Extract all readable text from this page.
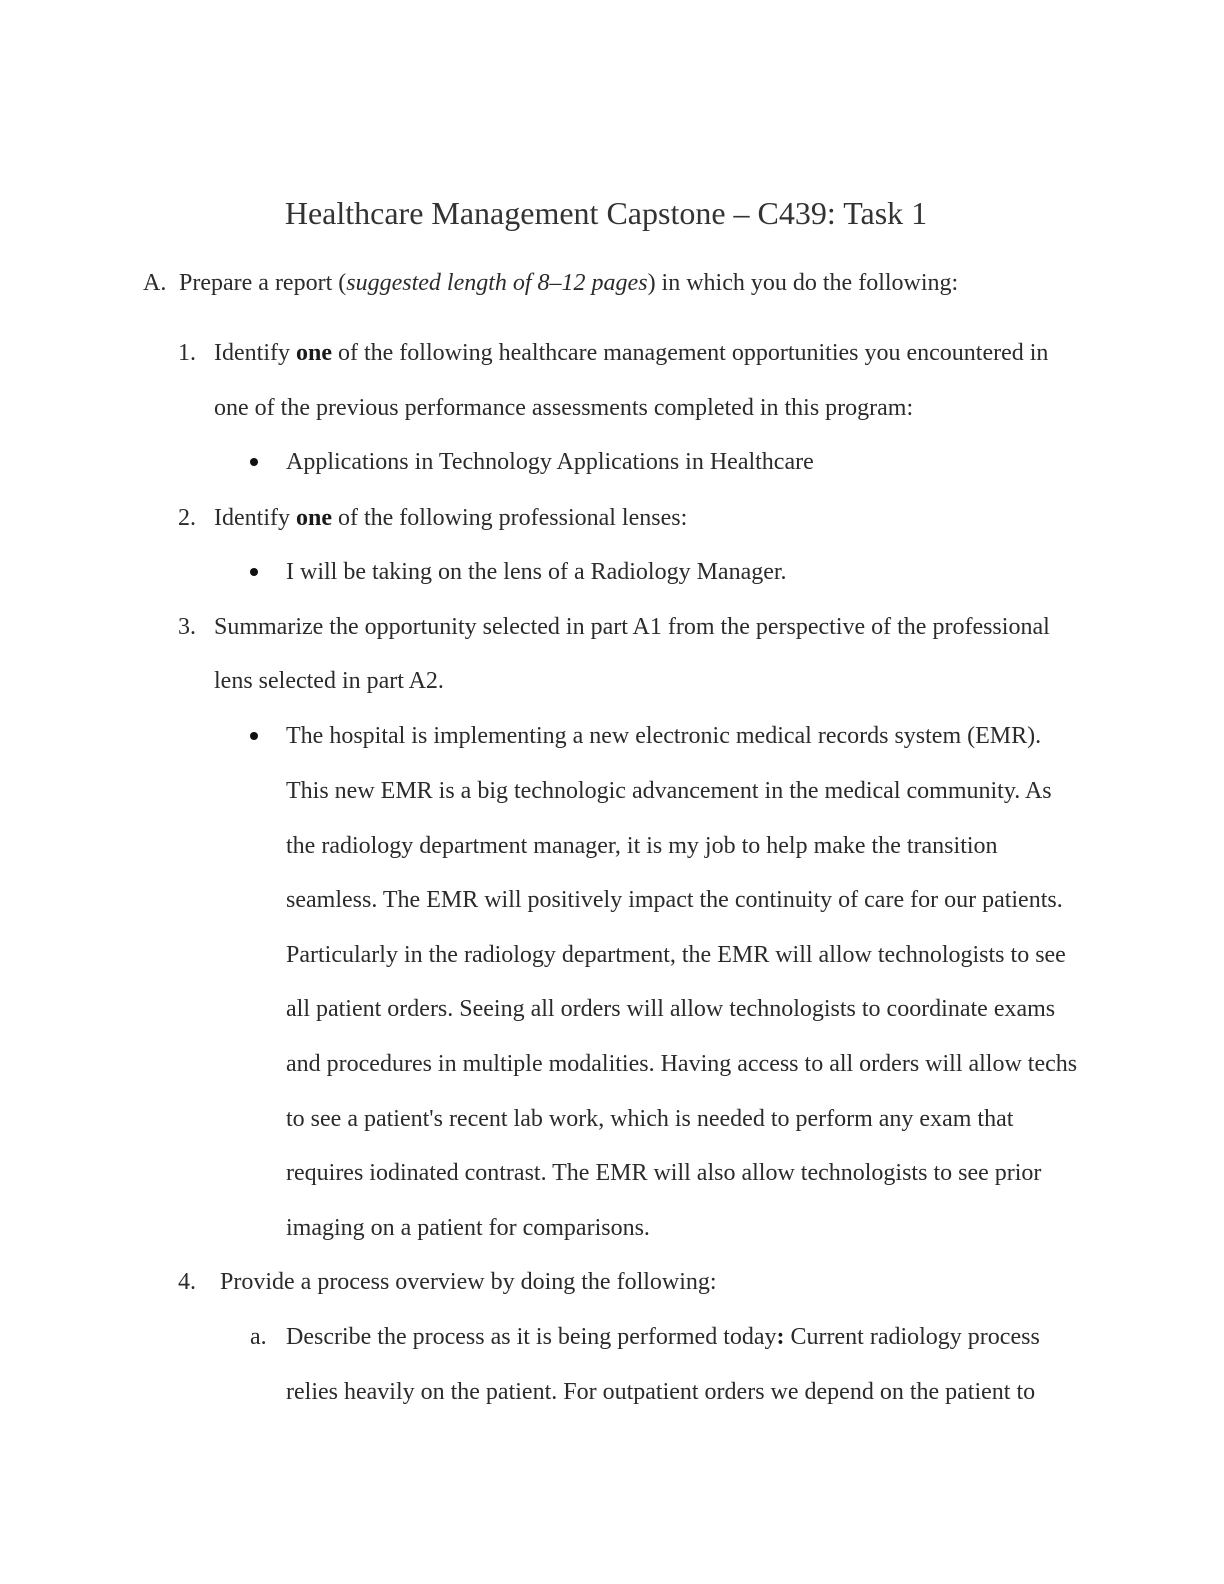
Healthcare Management Capstone – C439: Task 1
A. Prepare a report (suggested length of 8–12 pages) in which you do the following:
1. Identify one of the following healthcare management opportunities you encountered in
one of the previous performance assessments completed in this program:
Applications in Technology Applications in Healthcare
2. Identify one of the following professional lenses:
I will be taking on the lens of a Radiology Manager.
3. Summarize the opportunity selected in part A1 from the perspective of the professional
lens selected in part A2.
The hospital is implementing a new electronic medical records system (EMR).
This new EMR is a big technologic advancement in the medical community. As
the radiology department manager, it is my job to help make the transition
seamless. The EMR will positively impact the continuity of care for our patients.
Particularly in the radiology department, the EMR will allow technologists to see
all patient orders. Seeing all orders will allow technologists to coordinate exams
and procedures in multiple modalities. Having access to all orders will allow techs
to see a patient's recent lab work, which is needed to perform any exam that
requires iodinated contrast. The EMR will also allow technologists to see prior
imaging on a patient for comparisons.
4. Provide a process overview by doing the following:
a. Describe the process as it is being performed today: Current radiology process
relies heavily on the patient. For outpatient orders we depend on the patient to
